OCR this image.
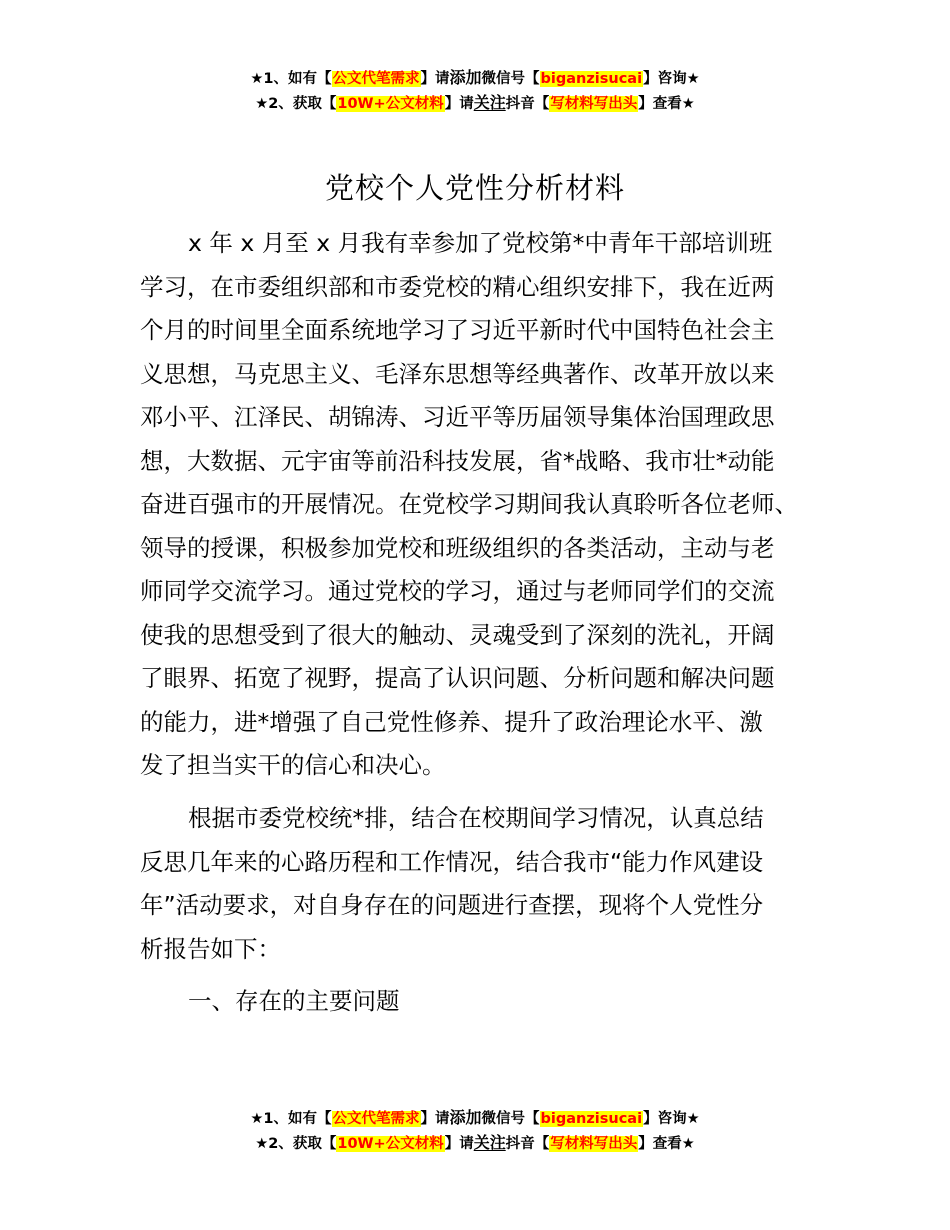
★1、如有【公文代笔需求】请添加微信号【biganzisucai】咨询★
★2、获取【10W+公文材料】请关注抖音【写材料写出头】查看★
党校个人党性分析材料
x 年 x 月至 x 月我有幸参加了党校第*中青年干部培训班
学习，在市委组织部和市委党校的精心组织安排下，我在近两
个月的时间里全面系统地学习了习近平新时代中国特色社会主
义思想，马克思主义、毛泽东思想等经典著作、改革开放以来
邓小平、江泽民、胡锦涛、习近平等历届领导集体治国理政思
想，大数据、元宇宙等前沿科技发展，省*战略、我市壮*动能
奋进百强市的开展情况。在党校学习期间我认真聆听各位老师、
领导的授课，积极参加党校和班级组织的各类活动，主动与老
师同学交流学习。通过党校的学习，通过与老师同学们的交流
使我的思想受到了很大的触动、灵魂受到了深刻的洗礼，开阔
了眼界、拓宽了视野，提高了认识问题、分析问题和解决问题
的能力，进*增强了自己党性修养、提升了政治理论水平、激
发了担当实干的信心和决心。
根据市委党校统*排，结合在校期间学习情况，认真总结
反思几年来的心路历程和工作情况，结合我市“能力作风建设
年”活动要求，对自身存在的问题进行查摆，现将个人党性分
析报告如下：
一、存在的主要问题
★1、如有【公文代笔需求】请添加微信号【biganzisucai】咨询★
★2、获取【10W+公文材料】请关注抖音【写材料写出头】查看★
